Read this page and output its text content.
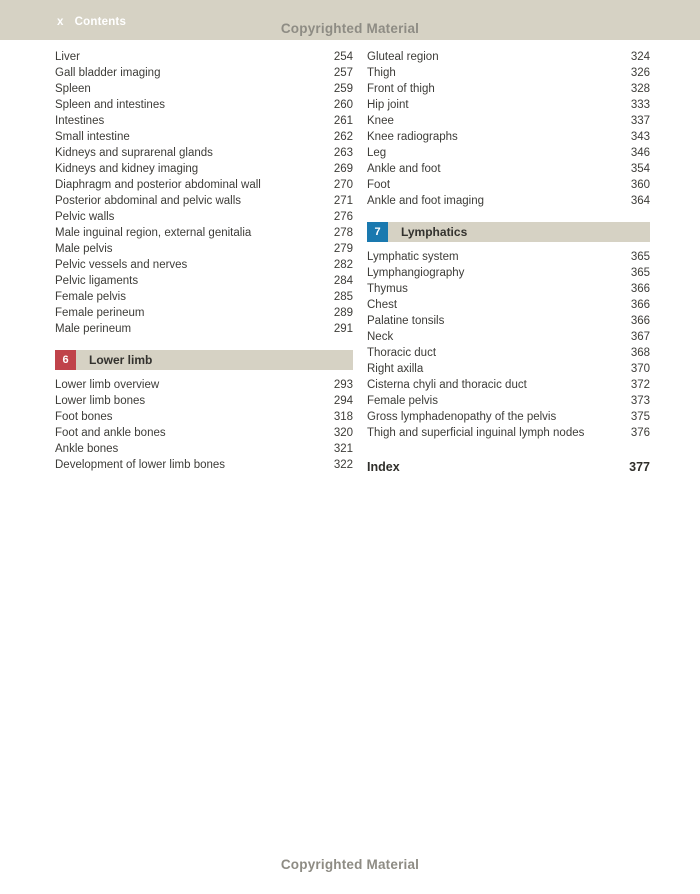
x Contents	Copyrighted Material
Liver	254
Gall bladder imaging	257
Spleen	259
Spleen and intestines	260
Intestines	261
Small intestine	262
Kidneys and suprarenal glands	263
Kidneys and kidney imaging	269
Diaphragm and posterior abdominal wall	270
Posterior abdominal and pelvic walls	271
Pelvic walls	276
Male inguinal region, external genitalia	278
Male pelvis	279
Pelvic vessels and nerves	282
Pelvic ligaments	284
Female pelvis	285
Female perineum	289
Male perineum	291
6	Lower limb
Lower limb overview	293
Lower limb bones	294
Foot bones	318
Foot and ankle bones	320
Ankle bones	321
Development of lower limb bones	322
Gluteal region	324
Thigh	326
Front of thigh	328
Hip joint	333
Knee	337
Knee radiographs	343
Leg	346
Ankle and foot	354
Foot	360
Ankle and foot imaging	364
7	Lymphatics
Lymphatic system	365
Lymphangiography	365
Thymus	366
Chest	366
Palatine tonsils	366
Neck	367
Thoracic duct	368
Right axilla	370
Cisterna chyli and thoracic duct	372
Female pelvis	373
Gross lymphadenopathy of the pelvis	375
Thigh and superficial inguinal lymph nodes	376
Index	377
Copyrighted Material
